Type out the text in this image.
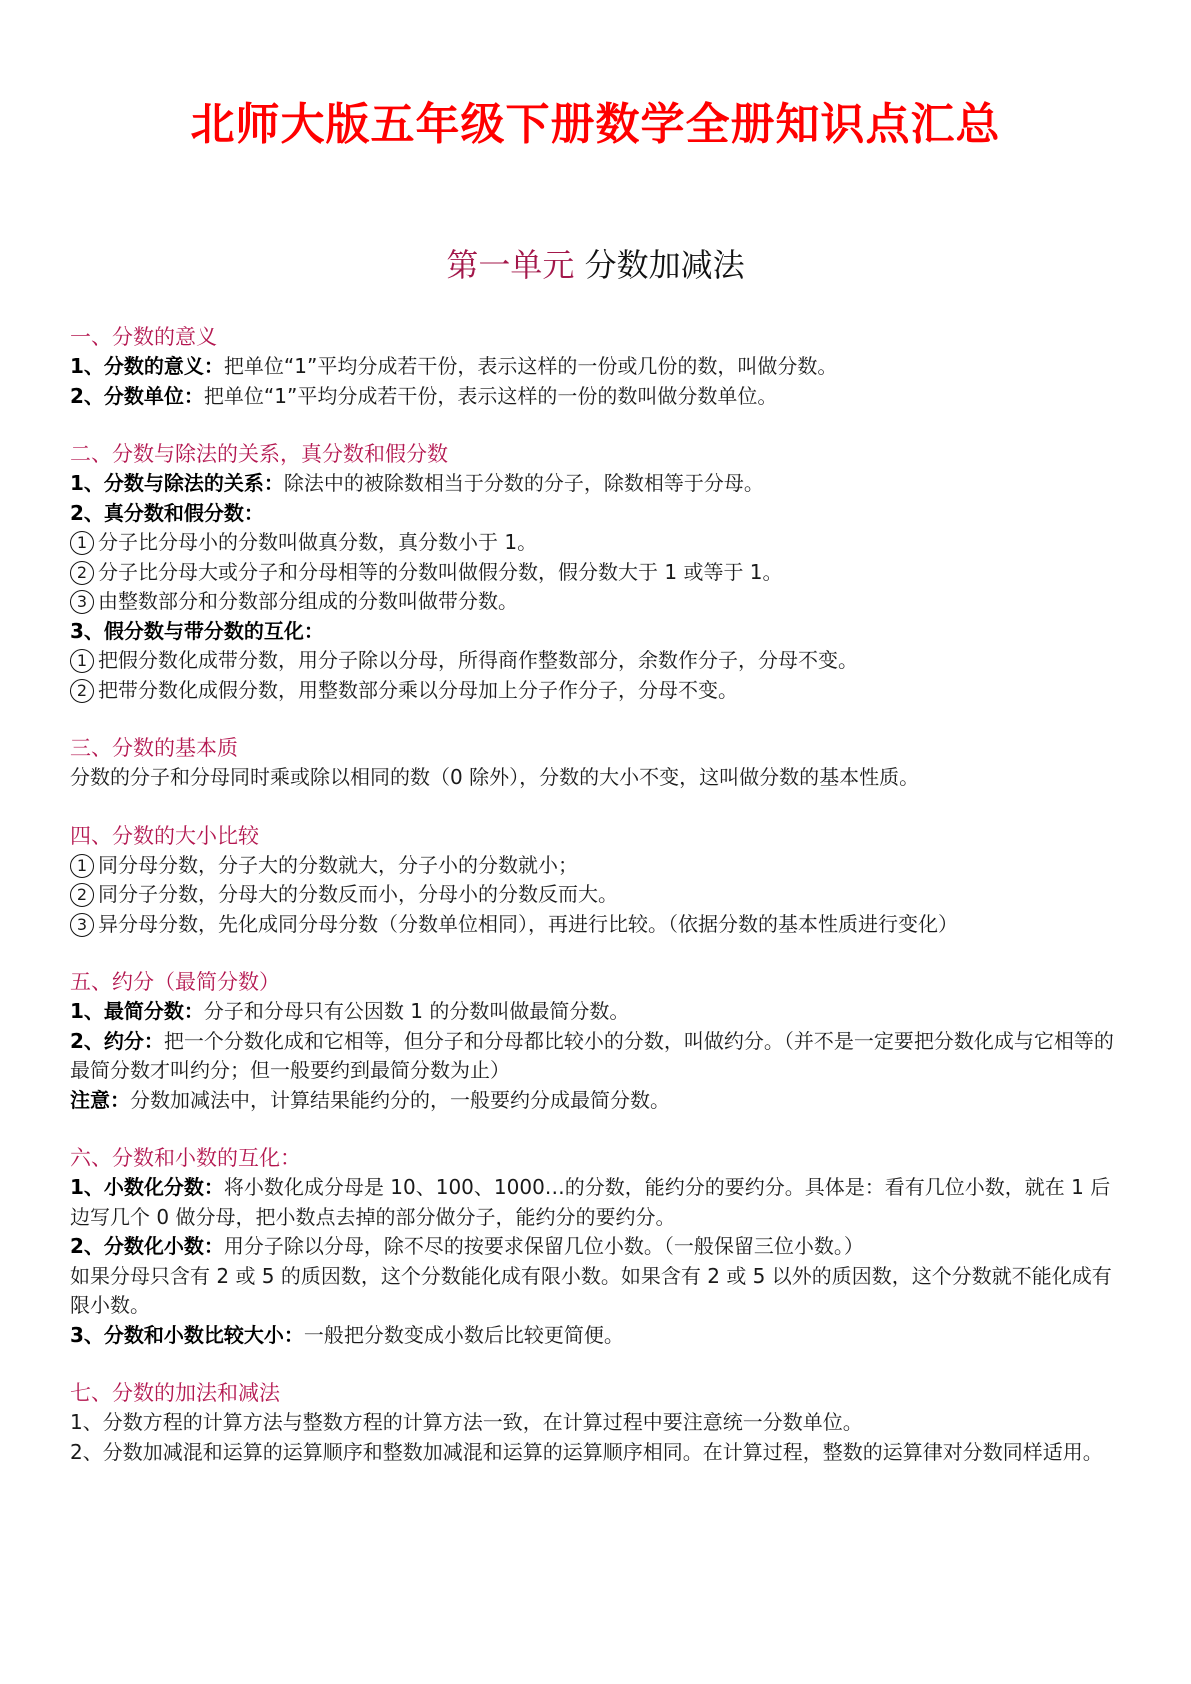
北师大版五年级下册数学全册知识点汇总
第一单元 分数加减法

一、分数的意义

1、分数的意义：把单位“1”平均分成若干份，表示这样的一份或几份的数，叫做分数。

2、分数单位：把单位“1”平均分成若干份，表示这样的一份的数叫做分数单位。

二、分数与除法的关系，真分数和假分数

1、分数与除法的关系：除法中的被除数相当于分数的分子，除数相等于分母。

2、真分数和假分数：

1 分子比分母小的分数叫做真分数，真分数小于 1。

2 分子比分母大或分子和分母相等的分数叫做假分数，假分数大于 1 或等于 1。

3 由整数部分和分数部分组成的分数叫做带分数。

3、假分数与带分数的互化：

1 把假分数化成带分数，用分子除以分母，所得商作整数部分，余数作分子，分母不变。

2 把带分数化成假分数，用整数部分乘以分母加上分子作分子，分母不变。

三、分数的基本质

分数的分子和分母同时乘或除以相同的数（0 除外），分数的大小不变，这叫做分数的基本性质。

四、分数的大小比较

1 同分母分数，分子大的分数就大，分子小的分数就小；

2 同分子分数，分母大的分数反而小，分母小的分数反而大。

3 异分母分数，先化成同分母分数（分数单位相同），再进行比较。（依据分数的基本性质进行变化）

五、约分（最简分数）

1、最简分数：分子和分母只有公因数 1 的分数叫做最简分数。

2、约分：把一个分数化成和它相等，但分子和分母都比较小的分数，叫做约分。（并不是一定要把分数化成与它相等的最简分数才叫约分；但一般要约到最简分数为止）

注意：分数加减法中，计算结果能约分的，一般要约分成最简分数。

六、分数和小数的互化：

1、小数化分数：将小数化成分母是 10、100、1000…的分数，能约分的要约分。具体是：看有几位小数，就在 1 后边写几个 0 做分母，把小数点去掉的部分做分子，能约分的要约分。

2、分数化小数：用分子除以分母，除不尽的按要求保留几位小数。（一般保留三位小数。）

如果分母只含有 2 或 5 的质因数，这个分数能化成有限小数。如果含有 2 或 5 以外的质因数，这个分数就不能化成有限小数。

3、分数和小数比较大小：一般把分数变成小数后比较更简便。

七、分数的加法和减法

1、分数方程的计算方法与整数方程的计算方法一致，在计算过程中要注意统一分数单位。

2、分数加减混和运算的运算顺序和整数加减混和运算的运算顺序相同。在计算过程，整数的运算律对分数同样适用。
